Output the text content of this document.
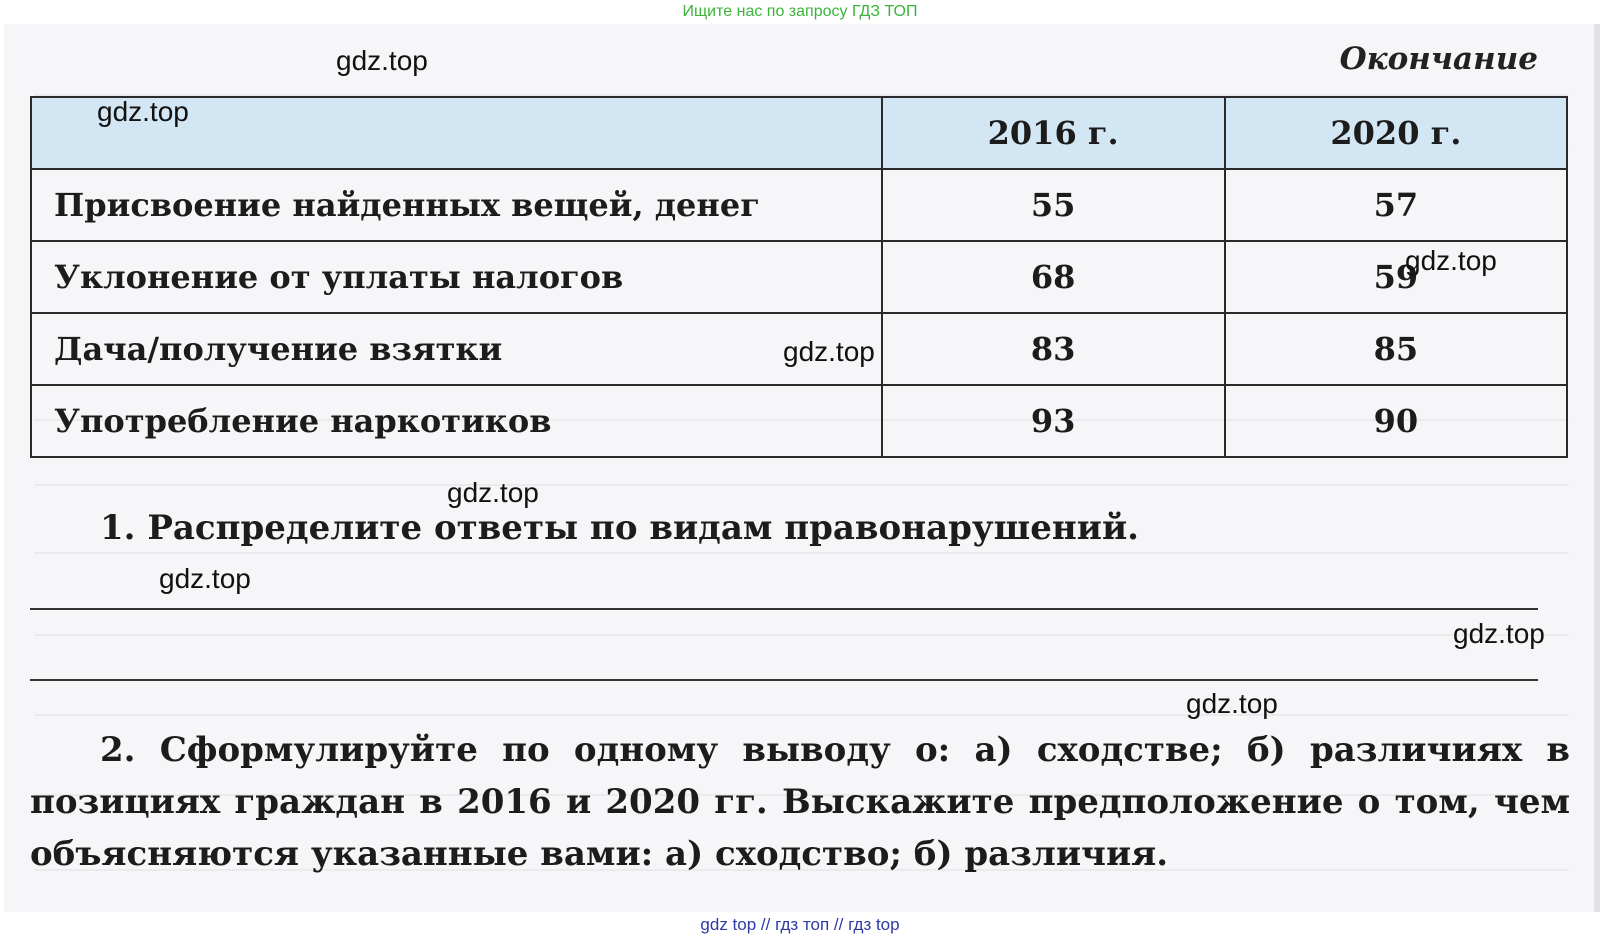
Ищите нас по запросу ГДЗ ТОП
Окончание
	2016 г.	2020 г.
Присвоение найденных вещей, денег	55	57
Уклонение от уплаты налогов	68	59
Дача/получение взятки	83	85
Употребление наркотиков	93	90
1. Распределите ответы по видам правонарушений.
2. Сформулируйте по одному выводу о: а) сходстве; б) различиях в позициях граждан в 2016 и 2020 гг. Выскажите предположение о том, чем объясняются указанные вами: а) сходство; б) различия.
gdz.top
gdz.top
gdz.top
gdz.top
gdz.top
gdz.top
gdz.top
gdz.top
gdz top // гдз топ // гдз top
